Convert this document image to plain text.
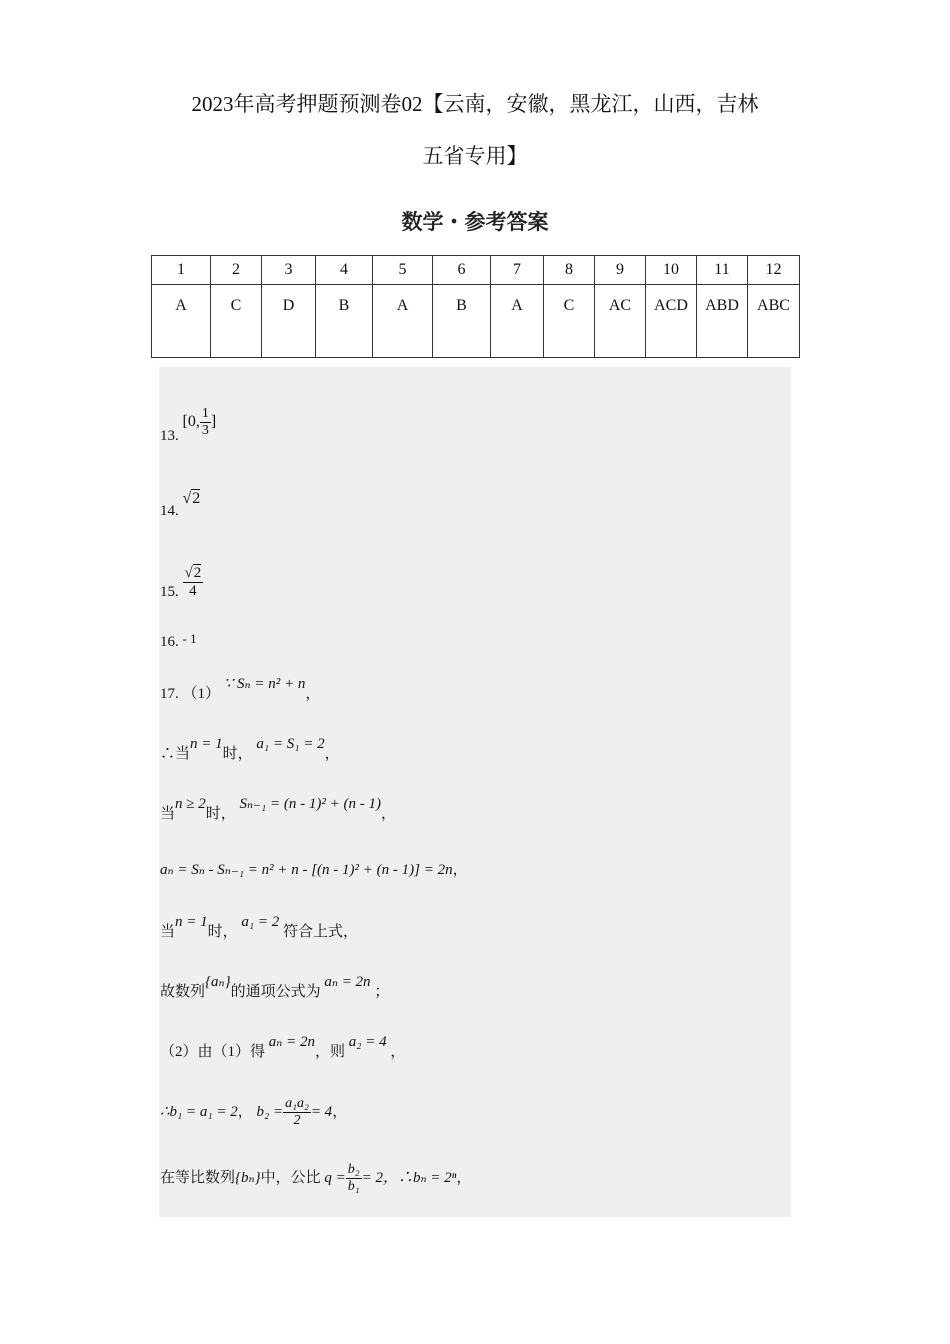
2023年高考押题预测卷02【云南，安徽，黑龙江，山西，吉林
五省专用】
数学・参考答案
1	2	3	4	5	6	7	8	9	10	11	12
A	C	D	B	A	B	A	C	AC	ACD	ABD	ABC
13. [0, $\frac{1}{3}$ ]
14. √2
15. $\frac{√2}{4}$
16. - 1
17. （1） ∵ Sₙ = n² + n，
∴当n = 1时， a₁ = S₁ = 2，
当n ≥ 2时， Sₙ₋₁ = (n - 1)² + (n - 1)，
aₙ = Sₙ - Sₙ₋₁ = n² + n - [(n - 1)² + (n - 1)] = 2n，
当n = 1时， a₁ = 2 符合上式，
故数列{aₙ}的通项公式为 aₙ = 2n ；
（2）由（1）得 aₙ = 2n，则 a₂ = 4 ，
∴b₁ = a₁ = 2， $b_2 = \frac{\text{a₁a₂}}{2} = 4$，
在等比数列{bₙ}中，公比 $q = \frac{\text{b₂}}{\text{b₁}} = 2$，∴bₙ = 2ⁿ，
